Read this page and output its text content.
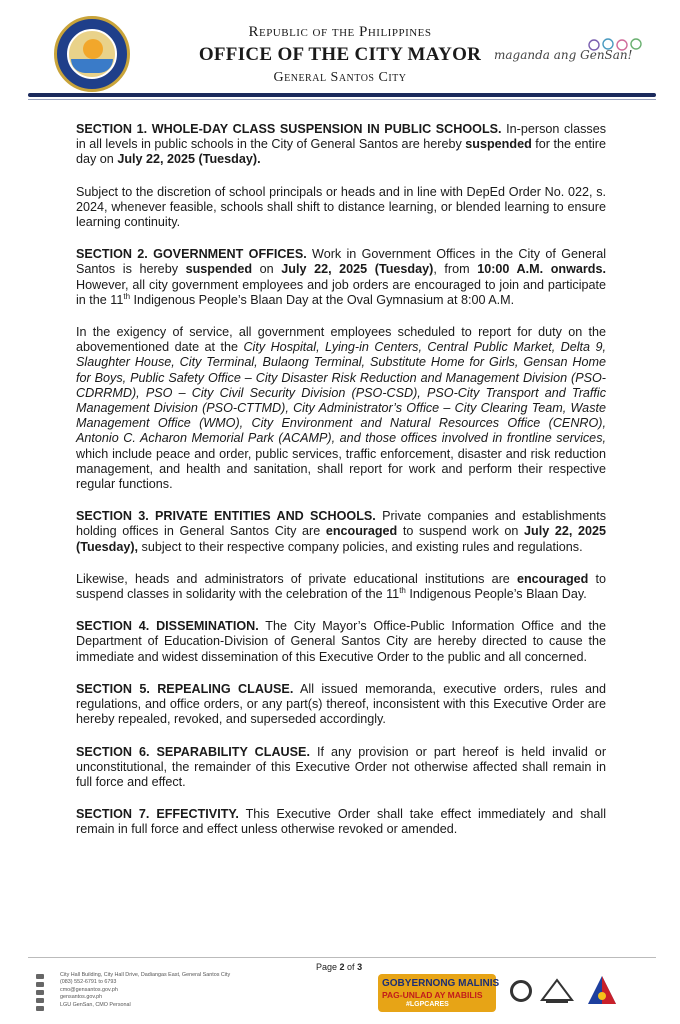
Republic of the Philippines
OFFICE OF THE CITY MAYOR
General Santos City
maganda ang GenSan!

SECTION 1. WHOLE-DAY CLASS SUSPENSION IN PUBLIC SCHOOLS. In-person classes in all levels in public schools in the City of General Santos are hereby suspended for the entire day on July 22, 2025 (Tuesday).

Subject to the discretion of school principals or heads and in line with DepEd Order No. 022, s. 2024, whenever feasible, schools shall shift to distance learning, or blended learning to ensure learning continuity.

SECTION 2. GOVERNMENT OFFICES. Work in Government Offices in the City of General Santos is hereby suspended on July 22, 2025 (Tuesday), from 10:00 A.M. onwards. However, all city government employees and job orders are encouraged to join and participate in the 11th Indigenous People’s Blaan Day at the Oval Gymnasium at 8:00 A.M.

In the exigency of service, all government employees scheduled to report for duty on the abovementioned date at the City Hospital, Lying-in Centers, Central Public Market, Delta 9, Slaughter House, City Terminal, Bulaong Terminal, Substitute Home for Girls, Gensan Home for Boys, Public Safety Office – City Disaster Risk Reduction and Management Division (PSO-CDRRMD), PSO – City Civil Security Division (PSO-CSD), PSO-City Transport and Traffic Management Division (PSO-CTTMD), City Administrator’s Office – City Clearing Team, Waste Management Office (WMO), City Environment and Natural Resources Office (CENRO), Antonio C. Acharon Memorial Park (ACAMP), and those offices involved in frontline services, which include peace and order, public services, traffic enforcement, disaster and risk reduction management, and health and sanitation, shall report for work and perform their respective regular functions.

SECTION 3. PRIVATE ENTITIES AND SCHOOLS. Private companies and establishments holding offices in General Santos City are encouraged to suspend work on July 22, 2025 (Tuesday), subject to their respective company policies, and existing rules and regulations.

Likewise, heads and administrators of private educational institutions are encouraged to suspend classes in solidarity with the celebration of the 11th Indigenous People’s Blaan Day.

SECTION 4. DISSEMINATION. The City Mayor’s Office-Public Information Office and the Department of Education-Division of General Santos City are hereby directed to cause the immediate and widest dissemination of this Executive Order to the public and all concerned.

SECTION 5. REPEALING CLAUSE. All issued memoranda, executive orders, rules and regulations, and office orders, or any part(s) thereof, inconsistent with this Executive Order are hereby repealed, revoked, and superseded accordingly.

SECTION 6. SEPARABILITY CLAUSE. If any provision or part hereof is held invalid or unconstitutional, the remainder of this Executive Order not otherwise affected shall remain in full force and effect.

SECTION 7. EFFECTIVITY. This Executive Order shall take effect immediately and shall remain in full force and effect unless otherwise revoked or amended.

Page 2 of 3
City Hall Building, City Hall Drive, Dadiangas East, General Santos City
(083) 552-6791 to 6793
cmo@gensantos.gov.ph
gensantos.gov.ph
LGU GenSan, CMO Personal
GOBYERNONG MALINIS
PAG-UNLAD AY MABILIS
#LGPCARES
